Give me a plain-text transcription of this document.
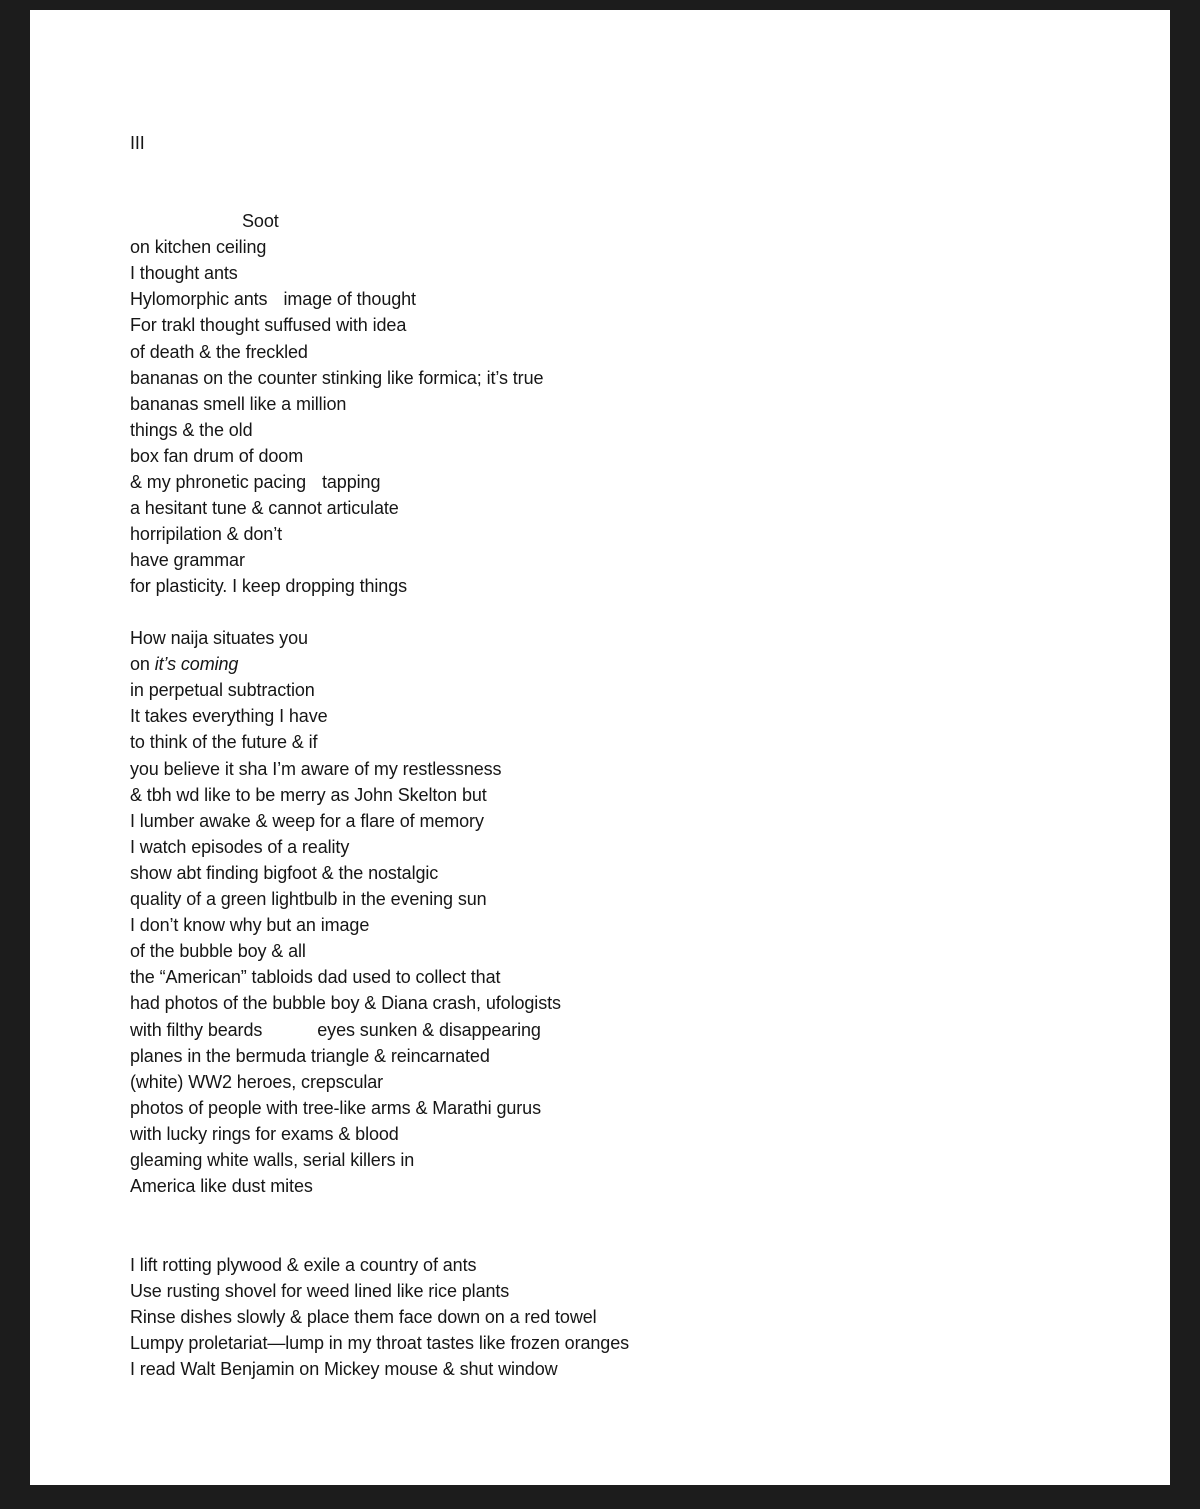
III
Soot
on kitchen ceiling
I thought ants
Hylomorphic ants image of thought
For trakl thought suffused with idea
of death & the freckled
bananas on the counter stinking like formica; it’s true
bananas smell like a million
things & the old
box fan drum of doom
& my phronetic pacing tapping
a hesitant tune & cannot articulate
horripilation & don’t
have grammar
for plasticity. I keep dropping things
How naija situates you
on it’s coming
in perpetual subtraction
It takes everything I have
to think of the future & if
you believe it sha I’m aware of my restlessness
& tbh wd like to be merry as John Skelton but
I lumber awake & weep for a flare of memory
I watch episodes of a reality
show abt finding bigfoot & the nostalgic
quality of a green lightbulb in the evening sun
I don’t know why but an image
of the bubble boy & all
the “American” tabloids dad used to collect that
had photos of the bubble boy & Diana crash, ufologists
with filthy beards	eyes sunken & disappearing
planes in the bermuda triangle & reincarnated
(white) WW2 heroes, crepscular
photos of people with tree-like arms & Marathi gurus
with lucky rings for exams & blood
gleaming white walls, serial killers in
America like dust mites
I lift rotting plywood & exile a country of ants
Use rusting shovel for weed lined like rice plants
Rinse dishes slowly & place them face down on a red towel
Lumpy proletariat—lump in my throat tastes like frozen oranges
I read Walt Benjamin on Mickey mouse & shut window
